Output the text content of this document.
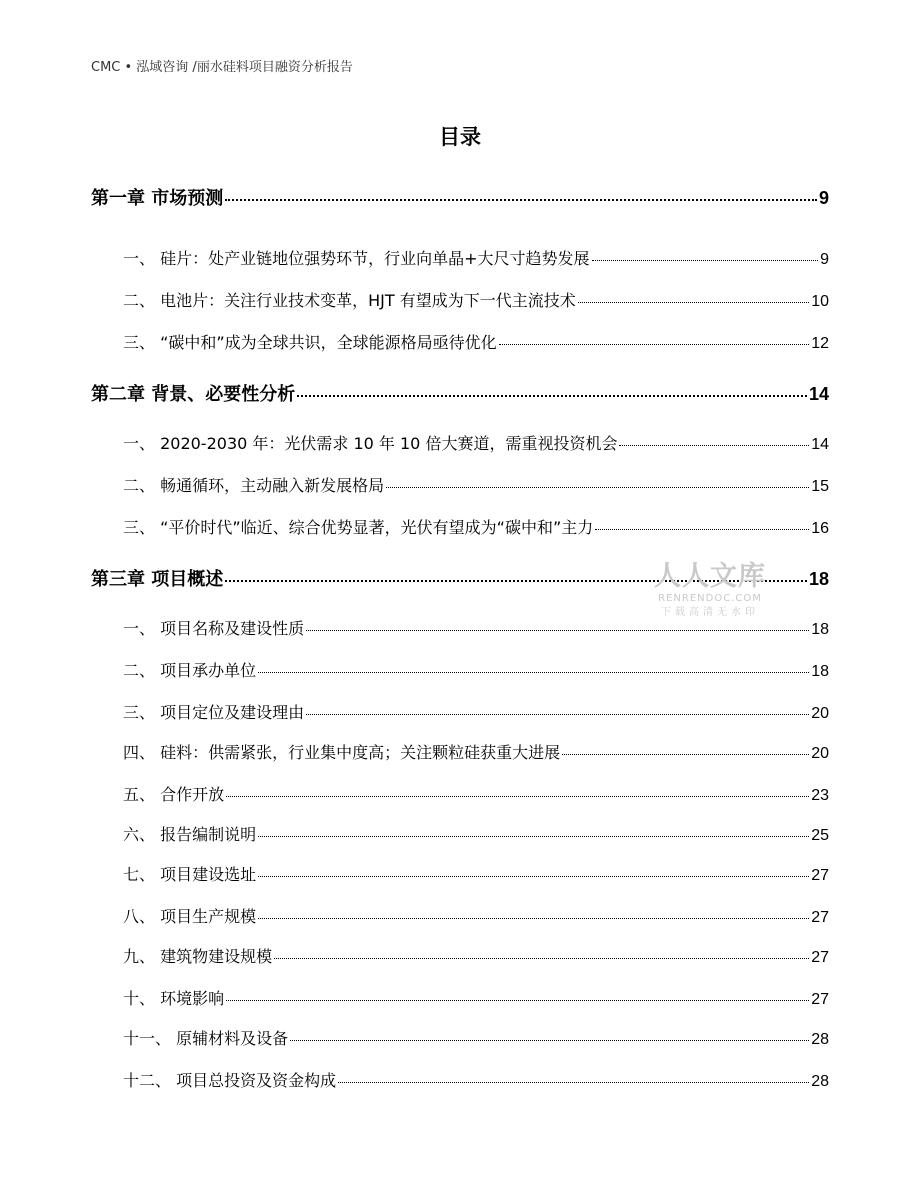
CMC • 泓域咨询 /丽水硅料项目融资分析报告
目录
第一章 市场预测	9
一、 硅片：处产业链地位强势环节，行业向单晶+大尺寸趋势发展	9
二、 电池片：关注行业技术变革，HJT 有望成为下一代主流技术	10
三、 “碳中和”成为全球共识，全球能源格局亟待优化	12
第二章 背景、必要性分析	14
一、 2020-2030 年：光伏需求 10 年 10 倍大赛道，需重视投资机会	14
二、 畅通循环，主动融入新发展格局	15
三、 “平价时代”临近、综合优势显著，光伏有望成为“碳中和”主力	16
第三章 项目概述	18
一、 项目名称及建设性质	18
二、 项目承办单位	18
三、 项目定位及建设理由	20
四、 硅料：供需紧张，行业集中度高；关注颗粒硅获重大进展	20
五、 合作开放	23
六、 报告编制说明	25
七、 项目建设选址	27
八、 项目生产规模	27
九、 建筑物建设规模	27
十、 环境影响	27
十一、 原辅材料及设备	28
十二、 项目总投资及资金构成	28
人人文库
RENRENDOC.COM
下载高清无水印
